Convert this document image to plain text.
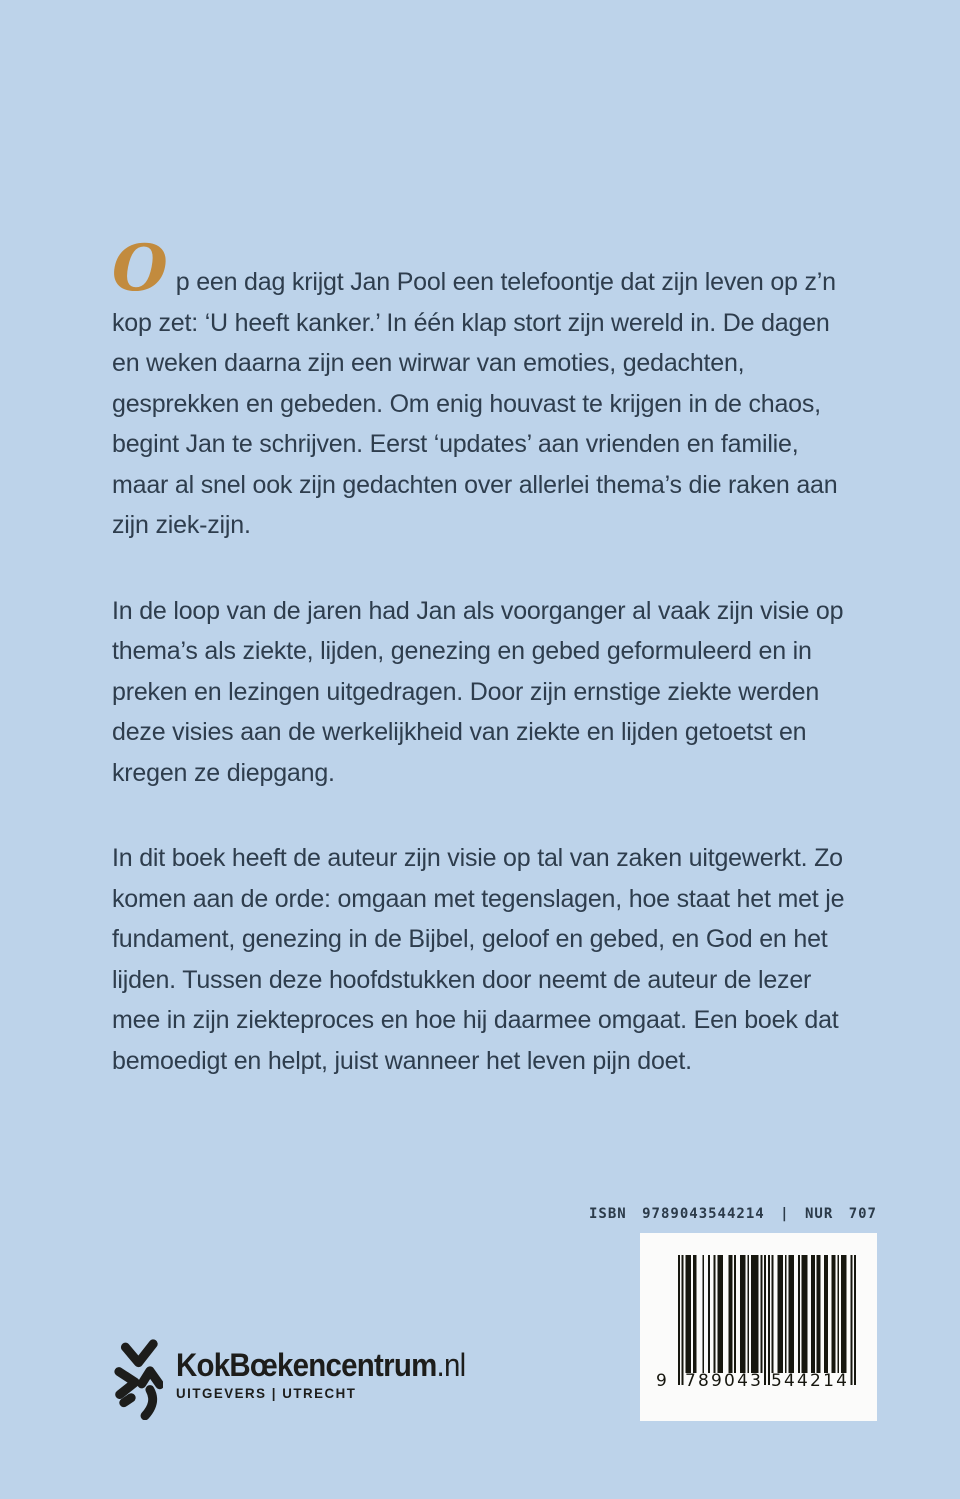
Op een dag krijgt Jan Pool een telefoontje dat zijn leven op z’n kop zet: ‘U heeft kanker.’ In één klap stort zijn wereld in. De dagen en weken daarna zijn een wirwar van emoties, gedachten, gesprekken en gebeden. Om enig houvast te krijgen in de chaos, begint Jan te schrijven. Eerst ‘updates’ aan vrienden en familie, maar al snel ook zijn gedachten over allerlei thema’s die raken aan zijn ziek-zijn.

In de loop van de jaren had Jan als voorganger al vaak zijn visie op thema’s als ziekte, lijden, genezing en gebed geformuleerd en in preken en lezingen uitgedragen. Door zijn ernstige ziekte werden deze visies aan de werkelijkheid van ziekte en lijden getoetst en kregen ze diepgang.

In dit boek heeft de auteur zijn visie op tal van zaken uitgewerkt. Zo komen aan de orde: omgaan met tegenslagen, hoe staat het met je fundament, genezing in de Bijbel, geloof en gebed, en God en het lijden. Tussen deze hoofdstukken door neemt de auteur de lezer mee in zijn ziekteproces en hoe hij daarmee omgaat. Een boek dat bemoedigt en helpt, juist wanneer het leven pijn doet.

ISBN 9789043544214 | NUR 707
9 789043 544214
KokBœkencentrum.nl
UITGEVERS | UTRECHT
